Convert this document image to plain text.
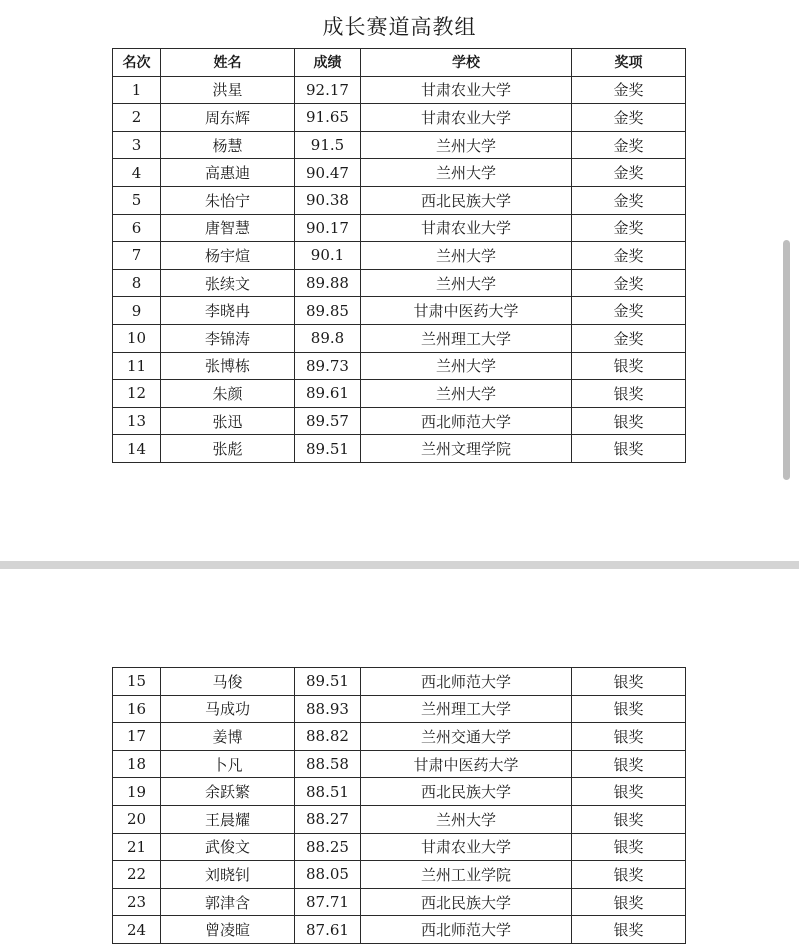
成长赛道高教组
名次	姓名	成绩	学校	奖项
1	洪星	92.17	甘肃农业大学	金奖
2	周东辉	91.65	甘肃农业大学	金奖
3	杨慧	91.5	兰州大学	金奖
4	高惠迪	90.47	兰州大学	金奖
5	朱怡宁	90.38	西北民族大学	金奖
6	唐智慧	90.17	甘肃农业大学	金奖
7	杨宇煊	90.1	兰州大学	金奖
8	张续文	89.88	兰州大学	金奖
9	李晓冉	89.85	甘肃中医药大学	金奖
10	李锦涛	89.8	兰州理工大学	金奖
11	张博栋	89.73	兰州大学	银奖
12	朱颜	89.61	兰州大学	银奖
13	张迅	89.57	西北师范大学	银奖
14	张彪	89.51	兰州文理学院	银奖
15	马俊	89.51	西北师范大学	银奖
16	马成功	88.93	兰州理工大学	银奖
17	姜博	88.82	兰州交通大学	银奖
18	卜凡	88.58	甘肃中医药大学	银奖
19	余跃繁	88.51	西北民族大学	银奖
20	王晨耀	88.27	兰州大学	银奖
21	武俊文	88.25	甘肃农业大学	银奖
22	刘晓钊	88.05	兰州工业学院	银奖
23	郭津含	87.71	西北民族大学	银奖
24	曾凌暄	87.61	西北师范大学	银奖
